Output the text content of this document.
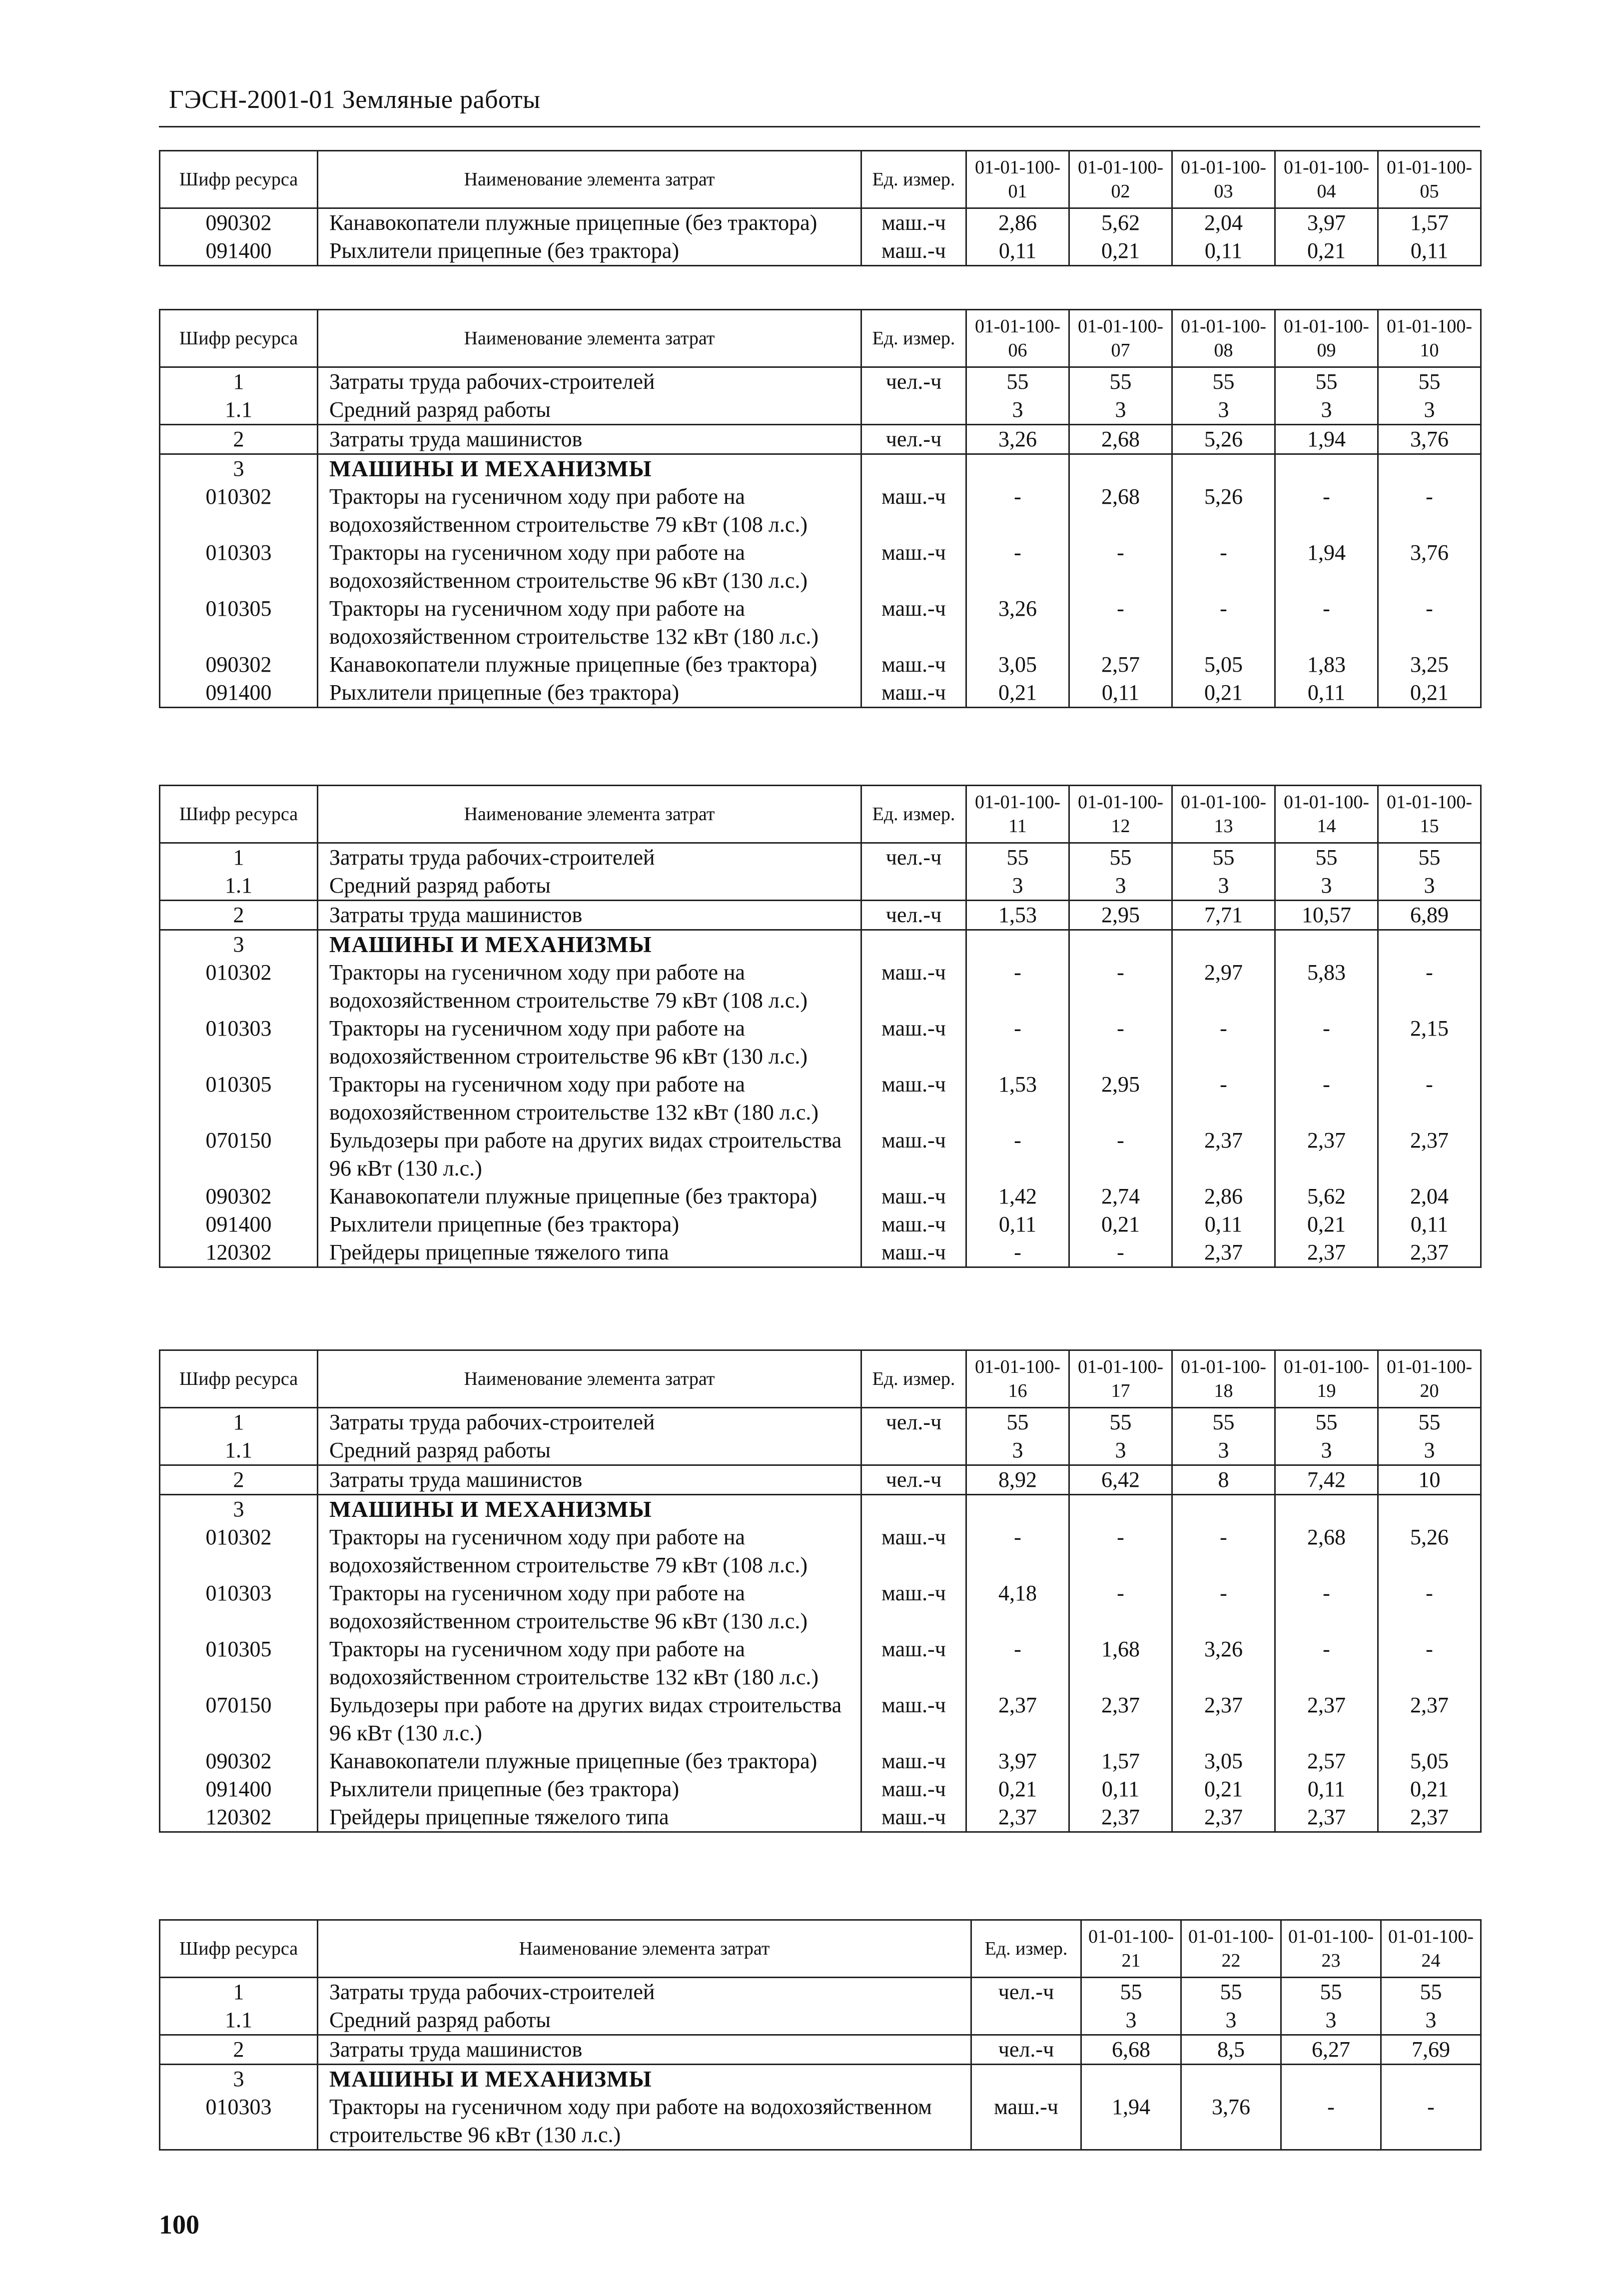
ГЭСН-2001-01 Земляные работы
Шифр ресурса	Наименование элемента затрат	Ед. измер.	01-01-100-01	01-01-100-02	01-01-100-03	01-01-100-04	01-01-100-05
090302	Канавокопатели плужные прицепные (без трактора)	маш.-ч	2,86	5,62	2,04	3,97	1,57
091400	Рыхлители прицепные (без трактора)	маш.-ч	0,11	0,21	0,11	0,21	0,11
Шифр ресурса	Наименование элемента затрат	Ед. измер.	01-01-100-06	01-01-100-07	01-01-100-08	01-01-100-09	01-01-100-10
1	Затраты труда рабочих-строителей	чел.-ч	55	55	55	55	55
1.1	Средний разряд работы		3	3	3	3	3
2	Затраты труда машинистов	чел.-ч	3,26	2,68	5,26	1,94	3,76
3	МАШИНЫ И МЕХАНИЗМЫ						
010302	Тракторы на гусеничном ходу при работе на водохозяйственном строительстве 79 кВт (108 л.с.)	маш.-ч	-	2,68	5,26	-	-
010303	Тракторы на гусеничном ходу при работе на водохозяйственном строительстве 96 кВт (130 л.с.)	маш.-ч	-	-	-	1,94	3,76
010305	Тракторы на гусеничном ходу при работе на водохозяйственном строительстве 132 кВт (180 л.с.)	маш.-ч	3,26	-	-	-	-
090302	Канавокопатели плужные прицепные (без трактора)	маш.-ч	3,05	2,57	5,05	1,83	3,25
091400	Рыхлители прицепные (без трактора)	маш.-ч	0,21	0,11	0,21	0,11	0,21
Шифр ресурса	Наименование элемента затрат	Ед. измер.	01-01-100-11	01-01-100-12	01-01-100-13	01-01-100-14	01-01-100-15
1	Затраты труда рабочих-строителей	чел.-ч	55	55	55	55	55
1.1	Средний разряд работы		3	3	3	3	3
2	Затраты труда машинистов	чел.-ч	1,53	2,95	7,71	10,57	6,89
3	МАШИНЫ И МЕХАНИЗМЫ						
010302	Тракторы на гусеничном ходу при работе на водохозяйственном строительстве 79 кВт (108 л.с.)	маш.-ч	-	-	2,97	5,83	-
010303	Тракторы на гусеничном ходу при работе на водохозяйственном строительстве 96 кВт (130 л.с.)	маш.-ч	-	-	-	-	2,15
010305	Тракторы на гусеничном ходу при работе на водохозяйственном строительстве 132 кВт (180 л.с.)	маш.-ч	1,53	2,95	-	-	-
070150	Бульдозеры при работе на других видах строительства 96 кВт (130 л.с.)	маш.-ч	-	-	2,37	2,37	2,37
090302	Канавокопатели плужные прицепные (без трактора)	маш.-ч	1,42	2,74	2,86	5,62	2,04
091400	Рыхлители прицепные (без трактора)	маш.-ч	0,11	0,21	0,11	0,21	0,11
120302	Грейдеры прицепные тяжелого типа	маш.-ч	-	-	2,37	2,37	2,37
Шифр ресурса	Наименование элемента затрат	Ед. измер.	01-01-100-16	01-01-100-17	01-01-100-18	01-01-100-19	01-01-100-20
1	Затраты труда рабочих-строителей	чел.-ч	55	55	55	55	55
1.1	Средний разряд работы		3	3	3	3	3
2	Затраты труда машинистов	чел.-ч	8,92	6,42	8	7,42	10
3	МАШИНЫ И МЕХАНИЗМЫ						
010302	Тракторы на гусеничном ходу при работе на водохозяйственном строительстве 79 кВт (108 л.с.)	маш.-ч	-	-	-	2,68	5,26
010303	Тракторы на гусеничном ходу при работе на водохозяйственном строительстве 96 кВт (130 л.с.)	маш.-ч	4,18	-	-	-	-
010305	Тракторы на гусеничном ходу при работе на водохозяйственном строительстве 132 кВт (180 л.с.)	маш.-ч	-	1,68	3,26	-	-
070150	Бульдозеры при работе на других видах строительства 96 кВт (130 л.с.)	маш.-ч	2,37	2,37	2,37	2,37	2,37
090302	Канавокопатели плужные прицепные (без трактора)	маш.-ч	3,97	1,57	3,05	2,57	5,05
091400	Рыхлители прицепные (без трактора)	маш.-ч	0,21	0,11	0,21	0,11	0,21
120302	Грейдеры прицепные тяжелого типа	маш.-ч	2,37	2,37	2,37	2,37	2,37
Шифр ресурса	Наименование элемента затрат	Ед. измер.	01-01-100-21	01-01-100-22	01-01-100-23	01-01-100-24
1	Затраты труда рабочих-строителей	чел.-ч	55	55	55	55
1.1	Средний разряд работы		3	3	3	3
2	Затраты труда машинистов	чел.-ч	6,68	8,5	6,27	7,69
3	МАШИНЫ И МЕХАНИЗМЫ					
010303	Тракторы на гусеничном ходу при работе на водохозяйственном строительстве 96 кВт (130 л.с.)	маш.-ч	1,94	3,76	-	-
100
